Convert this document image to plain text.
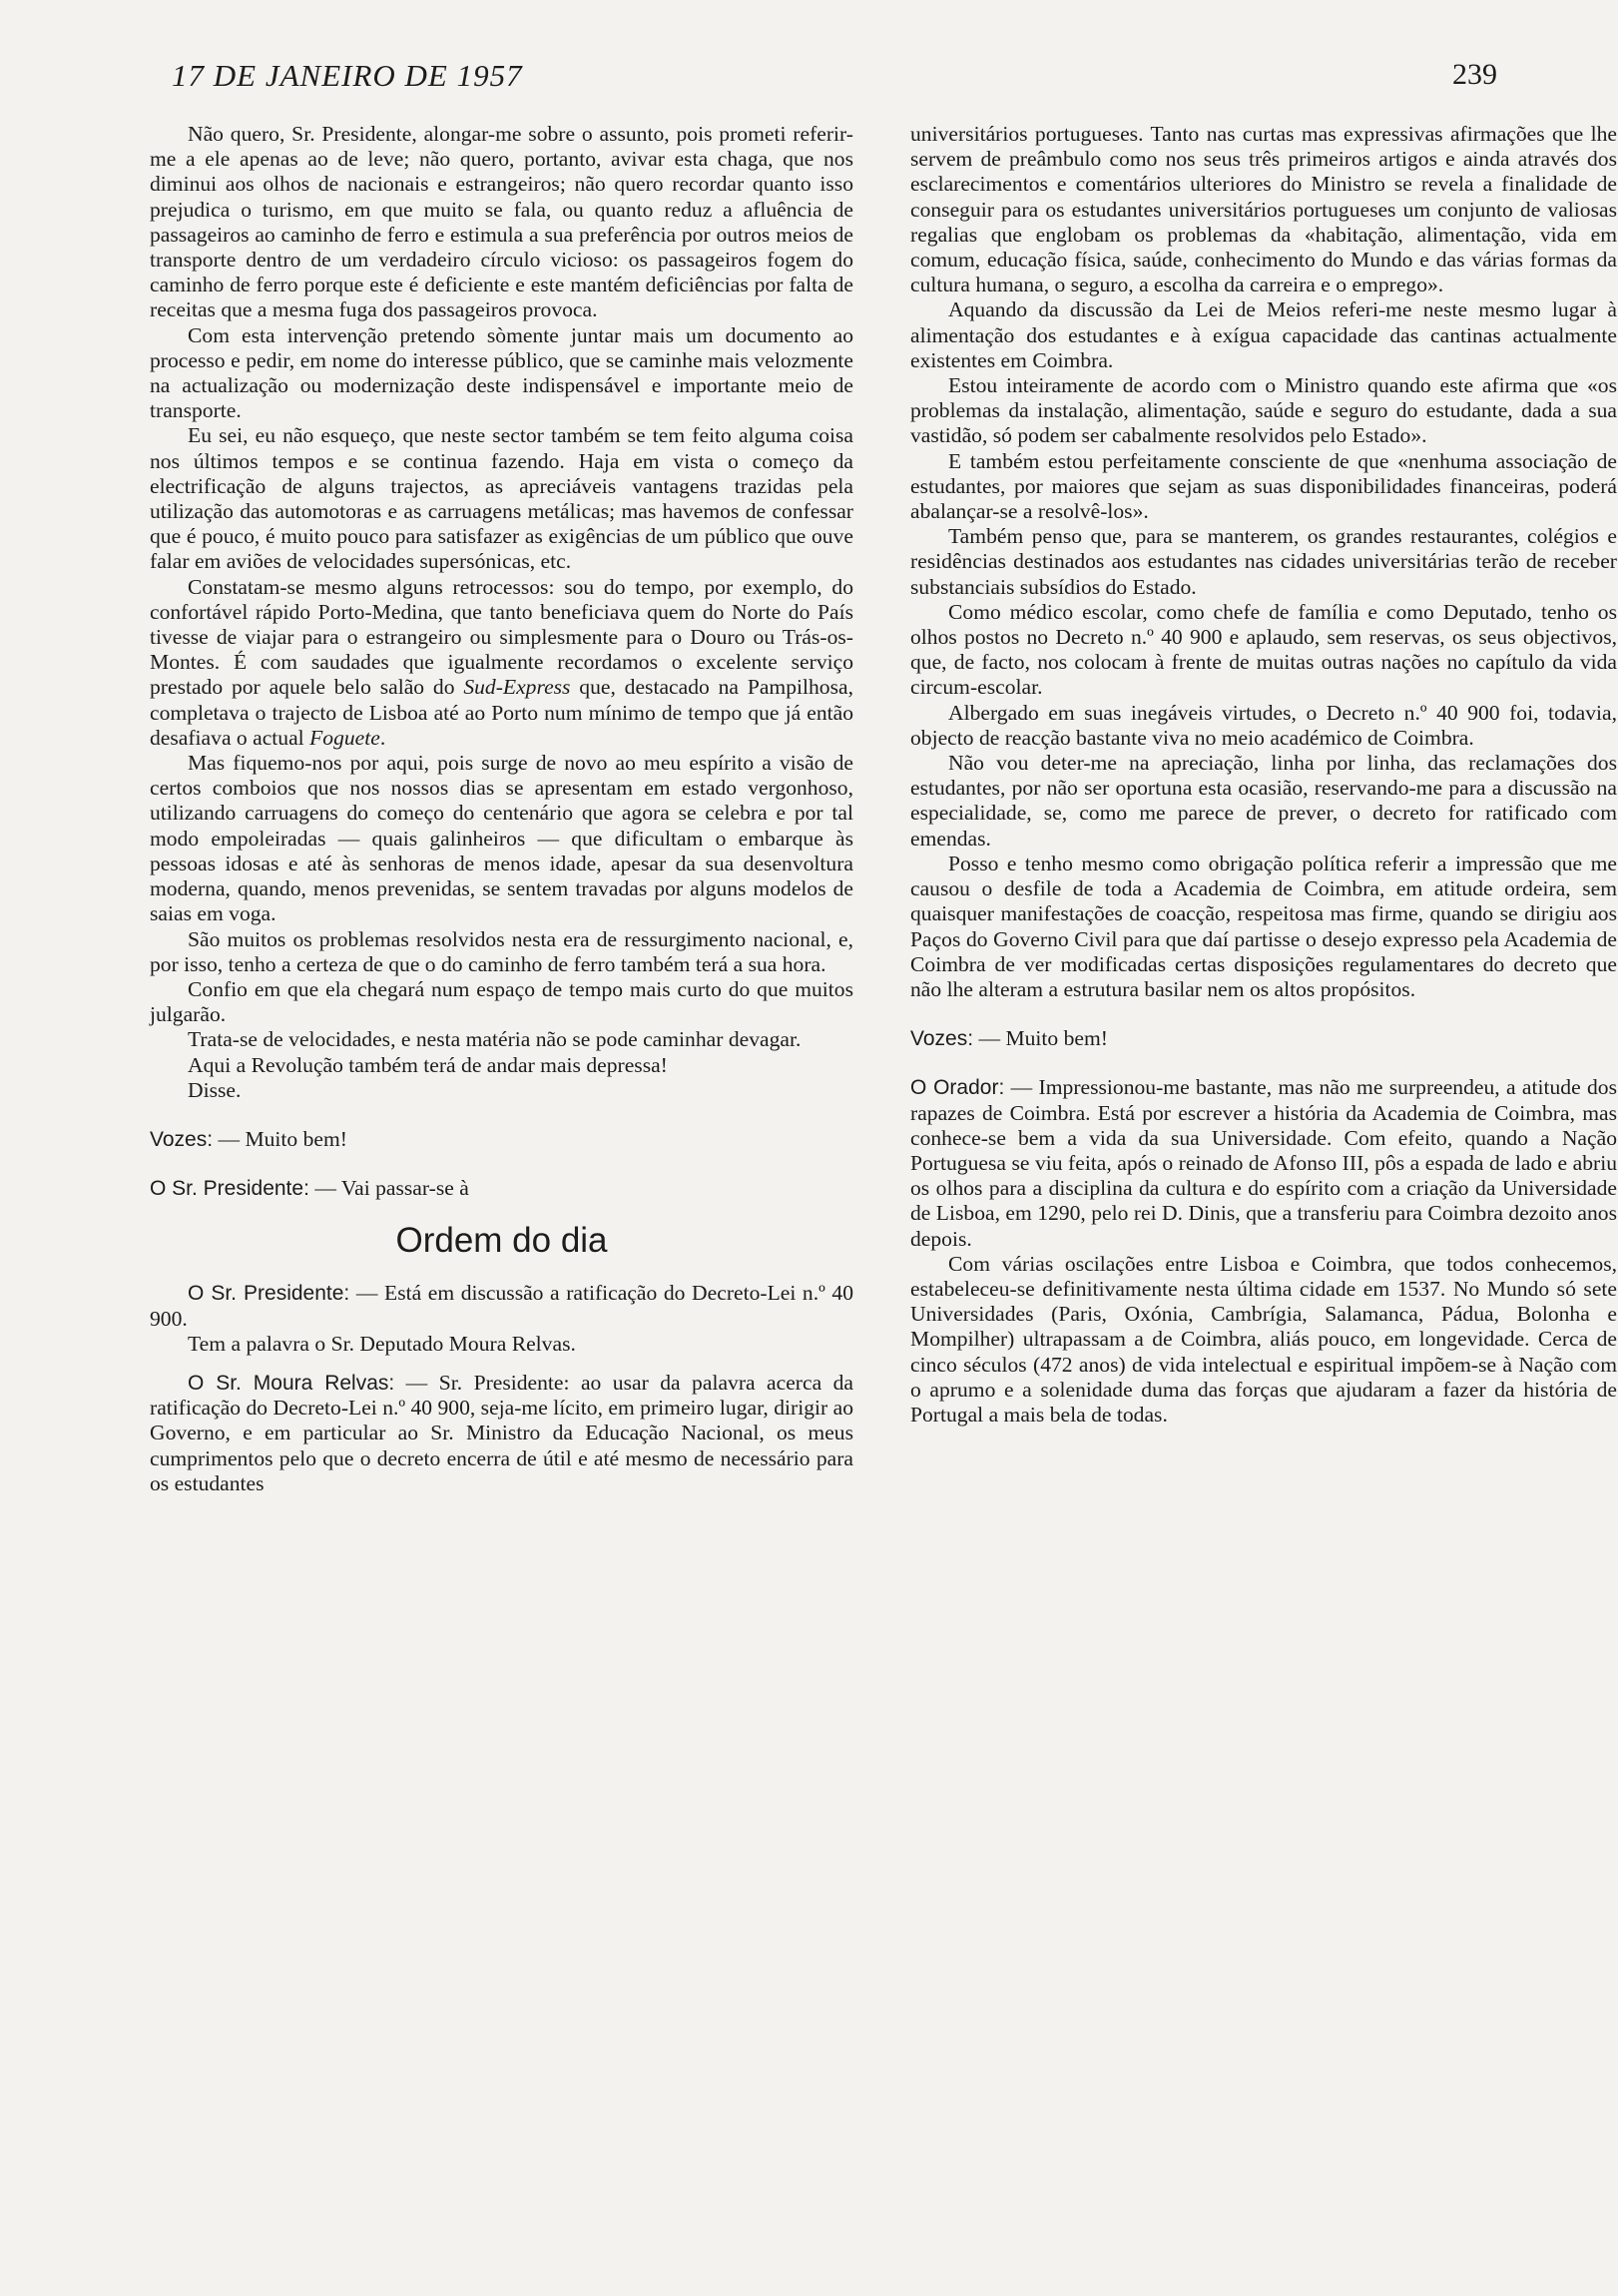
17 DE JANEIRO DE 1957	239

Não quero, Sr. Presidente, alongar-me sobre o assunto, pois prometi referir-me a ele apenas ao de leve; não quero, portanto, avivar esta chaga, que nos diminui aos olhos de nacionais e estrangeiros; não quero recordar quanto isso prejudica o turismo, em que muito se fala, ou quanto reduz a afluência de passageiros ao caminho de ferro e estimula a sua preferência por outros meios de transporte dentro de um verdadeiro círculo vicioso: os passageiros fogem do caminho de ferro porque este é deficiente e este mantém deficiências por falta de receitas que a mesma fuga dos passageiros provoca.

Com esta intervenção pretendo sòmente juntar mais um documento ao processo e pedir, em nome do interesse público, que se caminhe mais velozmente na actualização ou modernização deste indispensável e importante meio de transporte.

Eu sei, eu não esqueço, que neste sector também se tem feito alguma coisa nos últimos tempos e se continua fazendo. Haja em vista o começo da electrificação de alguns trajectos, as apreciáveis vantagens trazidas pela utilização das automotoras e as carruagens metálicas; mas havemos de confessar que é pouco, é muito pouco para satisfazer as exigências de um público que ouve falar em aviões de velocidades supersónicas, etc.

Constatam-se mesmo alguns retrocessos: sou do tempo, por exemplo, do confortável rápido Porto-Medina, que tanto beneficiava quem do Norte do País tivesse de viajar para o estrangeiro ou simplesmente para o Douro ou Trás-os-Montes. É com saudades que igualmente recordamos o excelente serviço prestado por aquele belo salão do Sud-Express que, destacado na Pampilhosa, completava o trajecto de Lisboa até ao Porto num mínimo de tempo que já então desafiava o actual Foguete.

Mas fiquemo-nos por aqui, pois surge de novo ao meu espírito a visão de certos comboios que nos nossos dias se apresentam em estado vergonhoso, utilizando carruagens do começo do centenário que agora se celebra e por tal modo empoleiradas — quais galinheiros — que dificultam o embarque às pessoas idosas e até às senhoras de menos idade, apesar da sua desenvoltura moderna, quando, menos prevenidas, se sentem travadas por alguns modelos de saias em voga.

São muitos os problemas resolvidos nesta era de ressurgimento nacional, e, por isso, tenho a certeza de que o do caminho de ferro também terá a sua hora.

Confio em que ela chegará num espaço de tempo mais curto do que muitos julgarão.

Trata-se de velocidades, e nesta matéria não se pode caminhar devagar.

Aqui a Revolução também terá de andar mais depressa!

Disse.

Vozes: — Muito bem!

O Sr. Presidente: — Vai passar-se à

Ordem do dia

O Sr. Presidente: — Está em discussão a ratificação do Decreto-Lei n.º 40 900.

Tem a palavra o Sr. Deputado Moura Relvas.

O Sr. Moura Relvas: — Sr. Presidente: ao usar da palavra acerca da ratificação do Decreto-Lei n.º 40 900, seja-me lícito, em primeiro lugar, dirigir ao Governo, e em particular ao Sr. Ministro da Educação Nacional, os meus cumprimentos pelo que o decreto encerra de útil e até mesmo de necessário para os estudantes

universitários portugueses. Tanto nas curtas mas expressivas afirmações que lhe servem de preâmbulo como nos seus três primeiros artigos e ainda através dos esclarecimentos e comentários ulteriores do Ministro se revela a finalidade de conseguir para os estudantes universitários portugueses um conjunto de valiosas regalias que englobam os problemas da «habitação, alimentação, vida em comum, educação física, saúde, conhecimento do Mundo e das várias formas da cultura humana, o seguro, a escolha da carreira e o emprego».

Aquando da discussão da Lei de Meios referi-me neste mesmo lugar à alimentação dos estudantes e à exígua capacidade das cantinas actualmente existentes em Coimbra.

Estou inteiramente de acordo com o Ministro quando este afirma que «os problemas da instalação, alimentação, saúde e seguro do estudante, dada a sua vastidão, só podem ser cabalmente resolvidos pelo Estado».

E também estou perfeitamente consciente de que «nenhuma associação de estudantes, por maiores que sejam as suas disponibilidades financeiras, poderá abalançar-se a resolvê-los».

Também penso que, para se manterem, os grandes restaurantes, colégios e residências destinados aos estudantes nas cidades universitárias terão de receber substanciais subsídios do Estado.

Como médico escolar, como chefe de família e como Deputado, tenho os olhos postos no Decreto n.º 40 900 e aplaudo, sem reservas, os seus objectivos, que, de facto, nos colocam à frente de muitas outras nações no capítulo da vida circum-escolar.

Albergado em suas inegáveis virtudes, o Decreto n.º 40 900 foi, todavia, objecto de reacção bastante viva no meio académico de Coimbra.

Não vou deter-me na apreciação, linha por linha, das reclamações dos estudantes, por não ser oportuna esta ocasião, reservando-me para a discussão na especialidade, se, como me parece de prever, o decreto for ratificado com emendas.

Posso e tenho mesmo como obrigação política referir a impressão que me causou o desfile de toda a Academia de Coimbra, em atitude ordeira, sem quaisquer manifestações de coacção, respeitosa mas firme, quando se dirigiu aos Paços do Governo Civil para que daí partisse o desejo expresso pela Academia de Coimbra de ver modificadas certas disposições regulamentares do decreto que não lhe alteram a estrutura basilar nem os altos propósitos.

Vozes: — Muito bem!

O Orador: — Impressionou-me bastante, mas não me surpreendeu, a atitude dos rapazes de Coimbra. Está por escrever a história da Academia de Coimbra, mas conhece-se bem a vida da sua Universidade. Com efeito, quando a Nação Portuguesa se viu feita, após o reinado de Afonso III, pôs a espada de lado e abriu os olhos para a disciplina da cultura e do espírito com a criação da Universidade de Lisboa, em 1290, pelo rei D. Dinis, que a transferiu para Coimbra dezoito anos depois.

Com várias oscilações entre Lisboa e Coimbra, que todos conhecemos, estabeleceu-se definitivamente nesta última cidade em 1537. No Mundo só sete Universidades (Paris, Oxónia, Cambrígia, Salamanca, Pádua, Bolonha e Mompilher) ultrapassam a de Coimbra, aliás pouco, em longevidade. Cerca de cinco séculos (472 anos) de vida intelectual e espiritual impõem-se à Nação com o aprumo e a solenidade duma das forças que ajudaram a fazer da história de Portugal a mais bela de todas.
